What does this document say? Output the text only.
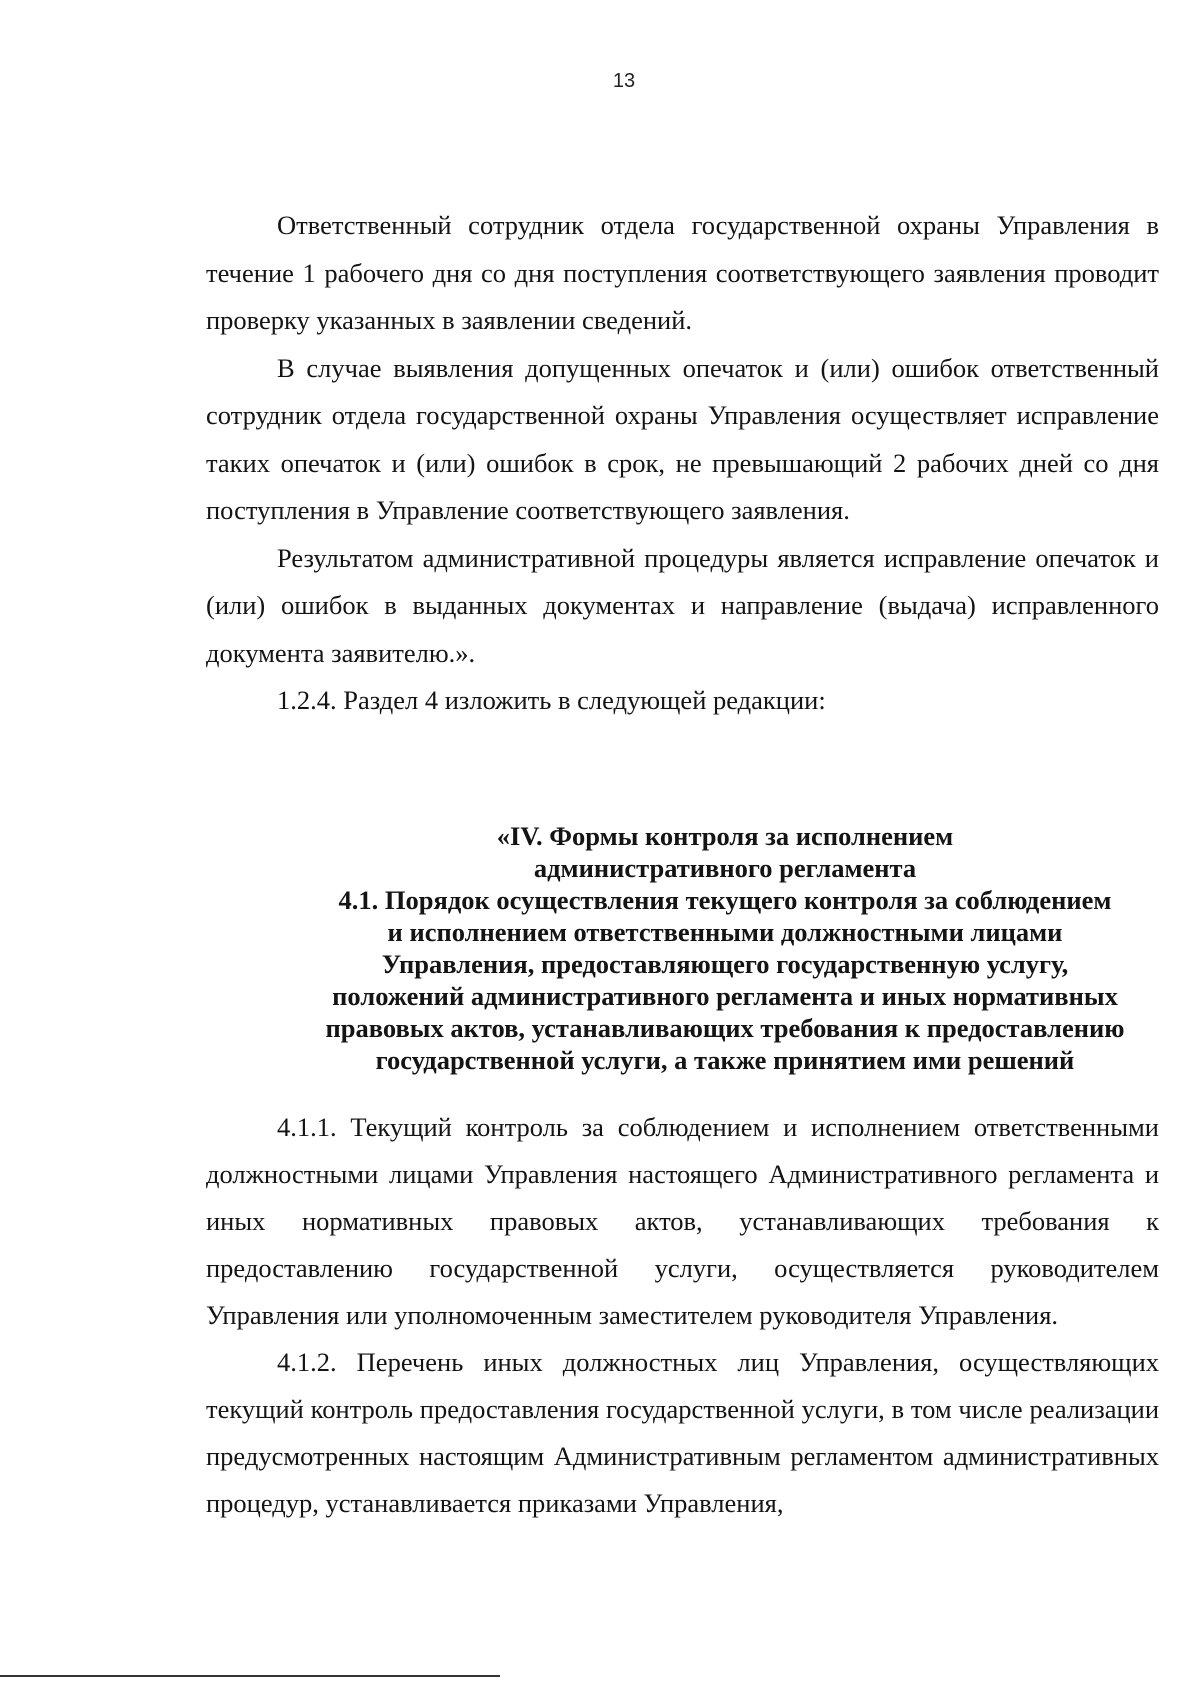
13

Ответственный сотрудник отдела государственной охраны Управления в течение 1 рабочего дня со дня поступления соответствующего заявления проводит проверку указанных в заявлении сведений.

В случае выявления допущенных опечаток и (или) ошибок ответственный сотрудник отдела государственной охраны Управления осуществляет исправление таких опечаток и (или) ошибок в срок, не превышающий 2 рабочих дней со дня поступления в Управление соответствующего заявления.

Результатом административной процедуры является исправление опечаток и (или) ошибок в выданных документах и направление (выдача) исправленного документа заявителю.».

1.2.4. Раздел 4 изложить в следующей редакции:

«IV. Формы контроля за исполнением
административного регламента
4.1. Порядок осуществления текущего контроля за соблюдением
и исполнением ответственными должностными лицами
Управления, предоставляющего государственную услугу,
положений административного регламента и иных нормативных
правовых актов, устанавливающих требования к предоставлению
государственной услуги, а также принятием ими решений

4.1.1. Текущий контроль за соблюдением и исполнением ответственными должностными лицами Управления настоящего Административного регламента и иных нормативных правовых актов, устанавливающих требования к предоставлению государственной услуги, осуществляется руководителем Управления или уполномоченным заместителем руководителя Управления.

4.1.2. Перечень иных должностных лиц Управления, осуществляющих текущий контроль предоставления государственной услуги, в том числе реализации предусмотренных настоящим Административным регламентом административных процедур, устанавливается приказами Управления,
